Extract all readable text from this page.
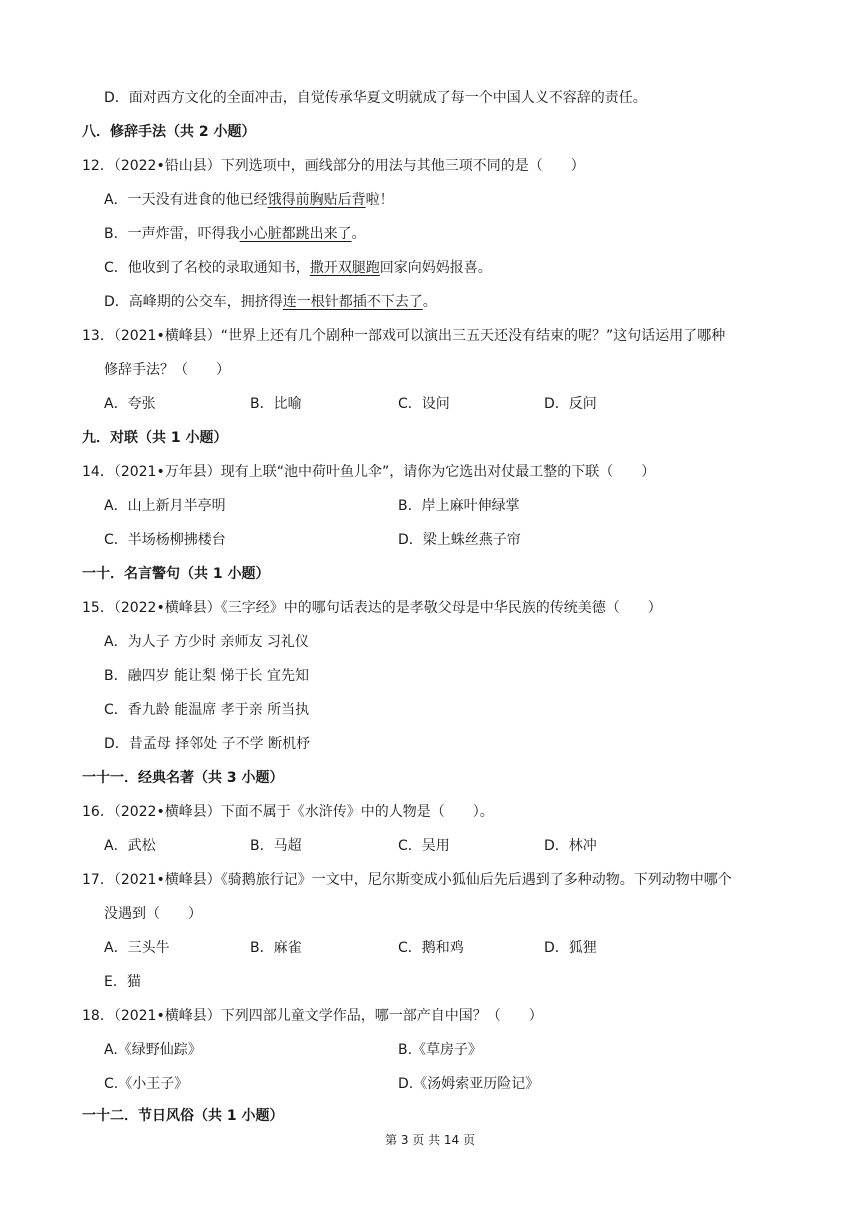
D．面对西方文化的全面冲击，自觉传承华夏文明就成了每一个中国人义不容辞的责任。
八．修辞手法（共 2 小题）
12．（2022•铅山县）下列选项中，画线部分的用法与其他三项不同的是（　　）
A．一天没有进食的他已经饿得前胸贴后背啦！
B．一声炸雷，吓得我小心脏都跳出来了。
C．他收到了名校的录取通知书，撒开双腿跑回家向妈妈报喜。
D．高峰期的公交车，拥挤得连一根针都插不下去了。
13．（2021•横峰县）“世界上还有几个剧种一部戏可以演出三五天还没有结束的呢？”这句话运用了哪种
修辞手法？（　　）
A．夸张	B．比喻	C．设问	D．反问
九．对联（共 1 小题）
14．（2021•万年县）现有上联“池中荷叶鱼儿伞”，请你为它选出对仗最工整的下联（　　）
A．山上新月半亭明	B．岸上麻叶伸绿掌
C．半场杨柳拂楼台	D．梁上蛛丝燕子帘
一十．名言警句（共 1 小题）
15．（2022•横峰县）《三字经》中的哪句话表达的是孝敬父母是中华民族的传统美德（　　）
A．为人子 方少时 亲师友 习礼仪
B．融四岁 能让梨 悌于长 宜先知
C．香九龄 能温席 孝于亲 所当执
D．昔孟母 择邻处 子不学 断机杼
一十一．经典名著（共 3 小题）
16．（2022•横峰县）下面不属于《水浒传》中的人物是（　　）。
A．武松	B．马超	C．吴用	D．林冲
17．（2021•横峰县）《骑鹅旅行记》一文中，尼尔斯变成小狐仙后先后遇到了多种动物。下列动物中哪个
没遇到（　　）
A．三头牛	B．麻雀	C．鹅和鸡	D．狐狸
E．猫
18．（2021•横峰县）下列四部儿童文学作品，哪一部产自中国？（　　）
A.《绿野仙踪》	B.《草房子》
C.《小王子》	D.《汤姆索亚历险记》
一十二．节日风俗（共 1 小题）
第 3 页 共 14 页
